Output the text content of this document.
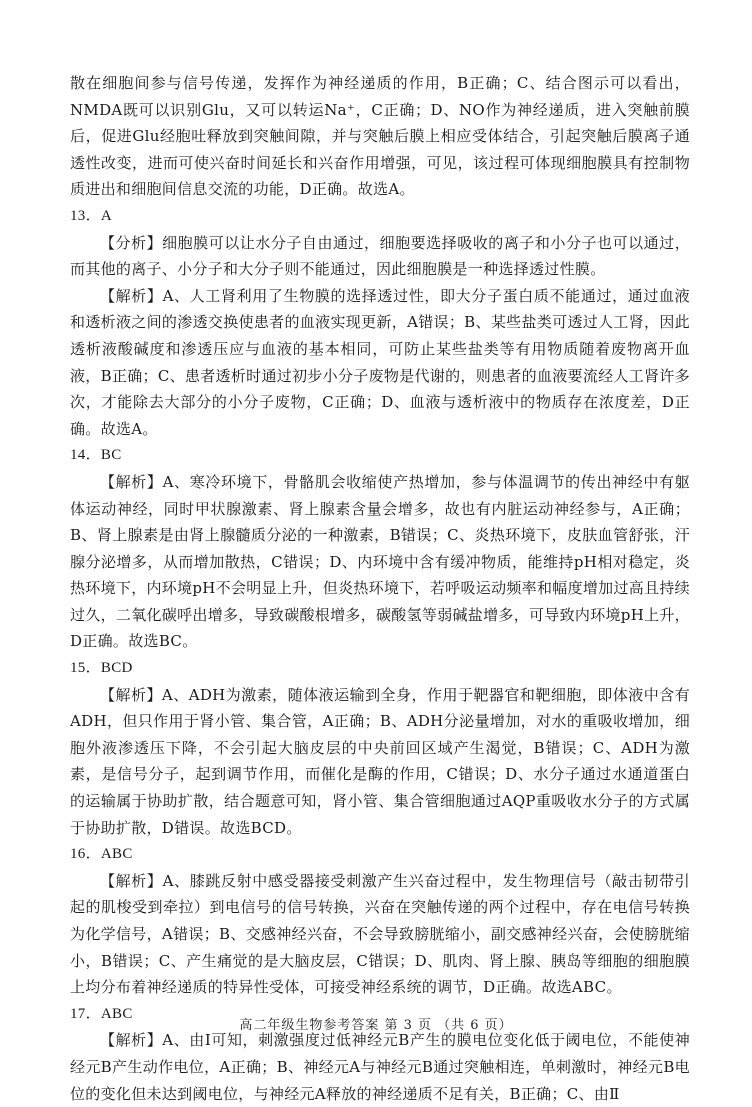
散在细胞间参与信号传递，发挥作为神经递质的作用，B正确；C、结合图示可以看出，NMDA既可以识别Glu，又可以转运Na⁺，C正确；D、NO作为神经递质，进入突触前膜后，促进Glu经胞吐释放到突触间隙，并与突触后膜上相应受体结合，引起突触后膜离子通透性改变，进而可使兴奋时间延长和兴奋作用增强，可见，该过程可体现细胞膜具有控制物质进出和细胞间信息交流的功能，D正确。故选A。

13．A

【分析】细胞膜可以让水分子自由通过，细胞要选择吸收的离子和小分子也可以通过，而其他的离子、小分子和大分子则不能通过，因此细胞膜是一种选择透过性膜。

【解析】A、人工肾利用了生物膜的选择透过性，即大分子蛋白质不能通过，通过血液和透析液之间的渗透交换使患者的血液实现更新，A错误；B、某些盐类可透过人工肾，因此透析液酸碱度和渗透压应与血液的基本相同，可防止某些盐类等有用物质随着废物离开血液，B正确；C、患者透析时通过初步小分子废物是代谢的，则患者的血液要流经人工肾许多次，才能除去大部分的小分子废物，C正确；D、血液与透析液中的物质存在浓度差，D正确。故选A。

14．BC

【解析】A、寒冷环境下，骨骼肌会收缩使产热增加，参与体温调节的传出神经中有躯体运动神经，同时甲状腺激素、肾上腺素含量会增多，故也有内脏运动神经参与，A正确；B、肾上腺素是由肾上腺髓质分泌的一种激素，B错误；C、炎热环境下，皮肤血管舒张，汗腺分泌增多，从而增加散热，C错误；D、内环境中含有缓冲物质，能维持pH相对稳定，炎热环境下，内环境pH不会明显上升，但炎热环境下，若呼吸运动频率和幅度增加过高且持续过久，二氧化碳呼出增多，导致碳酸根增多，碳酸氢等弱碱盐增多，可导致内环境pH上升，D正确。故选BC。

15．BCD

【解析】A、ADH为激素，随体液运输到全身，作用于靶器官和靶细胞，即体液中含有ADH，但只作用于肾小管、集合管，A正确；B、ADH分泌量增加，对水的重吸收增加，细胞外液渗透压下降，不会引起大脑皮层的中央前回区域产生渴觉，B错误；C、ADH为激素，是信号分子，起到调节作用，而催化是酶的作用，C错误；D、水分子通过水通道蛋白的运输属于协助扩散，结合题意可知，肾小管、集合管细胞通过AQP重吸收水分子的方式属于协助扩散，D错误。故选BCD。

16．ABC

【解析】A、膝跳反射中感受器接受刺激产生兴奋过程中，发生物理信号（敲击韧带引起的肌梭受到牵拉）到电信号的信号转换，兴奋在突触传递的两个过程中，存在电信号转换为化学信号，A错误；B、交感神经兴奋，不会导致膀胱缩小，副交感神经兴奋，会使膀胱缩小，B错误；C、产生痛觉的是大脑皮层，C错误；D、肌肉、肾上腺、胰岛等细胞的细胞膜上均分布着神经递质的特异性受体，可接受神经系统的调节，D正确。故选ABC。

17．ABC

【解析】A、由Ⅰ可知，刺激强度过低神经元B产生的膜电位变化低于阈电位，不能使神经元B产生动作电位，A正确；B、神经元A与神经元B通过突触相连，单刺激时，神经元B电位的变化但未达到阈电位，与神经元A释放的神经递质不足有关，B正确；C、由Ⅱ

高二年级生物参考答案 第 3 页 （共 6 页）
